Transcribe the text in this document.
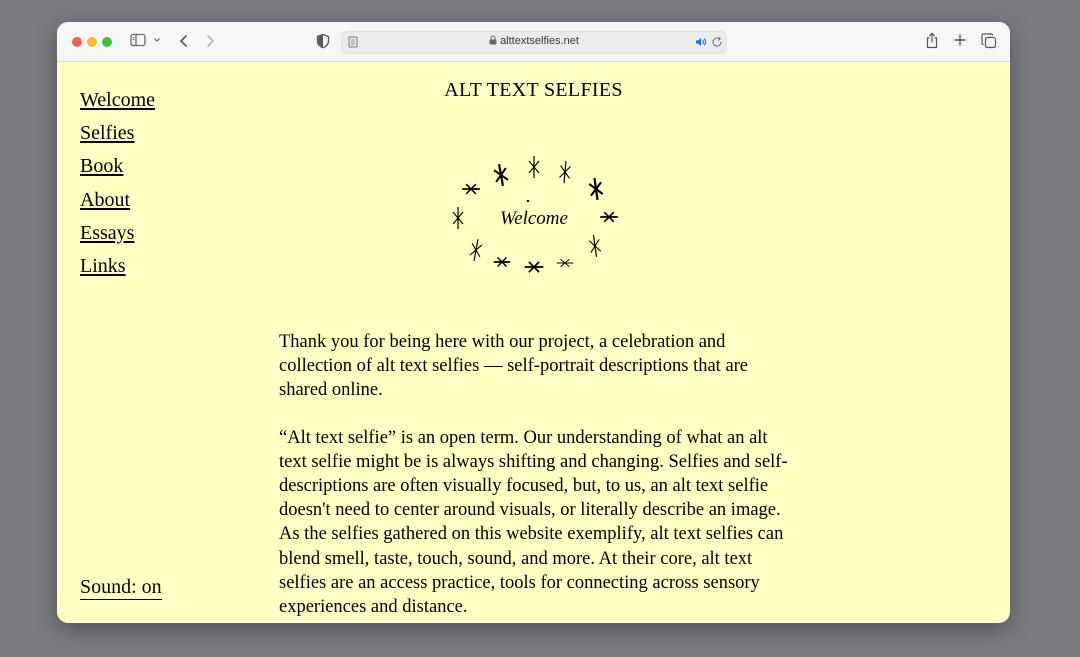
alttextselfies.net
Welcome
Selfies
Book
About
Essays
Links
ALT TEXT SELFIES
Welcome

Thank you for being here with our project, a celebration and collection of alt text selfies — self-portrait descriptions that are shared online.

“Alt text selfie” is an open term. Our understanding of what an alt text selfie might be is always shifting and changing. Selfies and self-descriptions are often visually focused, but, to us, an alt text selfie doesn't need to center around visuals, or literally describe an image. As the selfies gathered on this website exemplify, alt text selfies can blend smell, taste, touch, sound, and more. At their core, alt text selfies are an access practice, tools for connecting across sensory experiences and distance.

Sound: on
